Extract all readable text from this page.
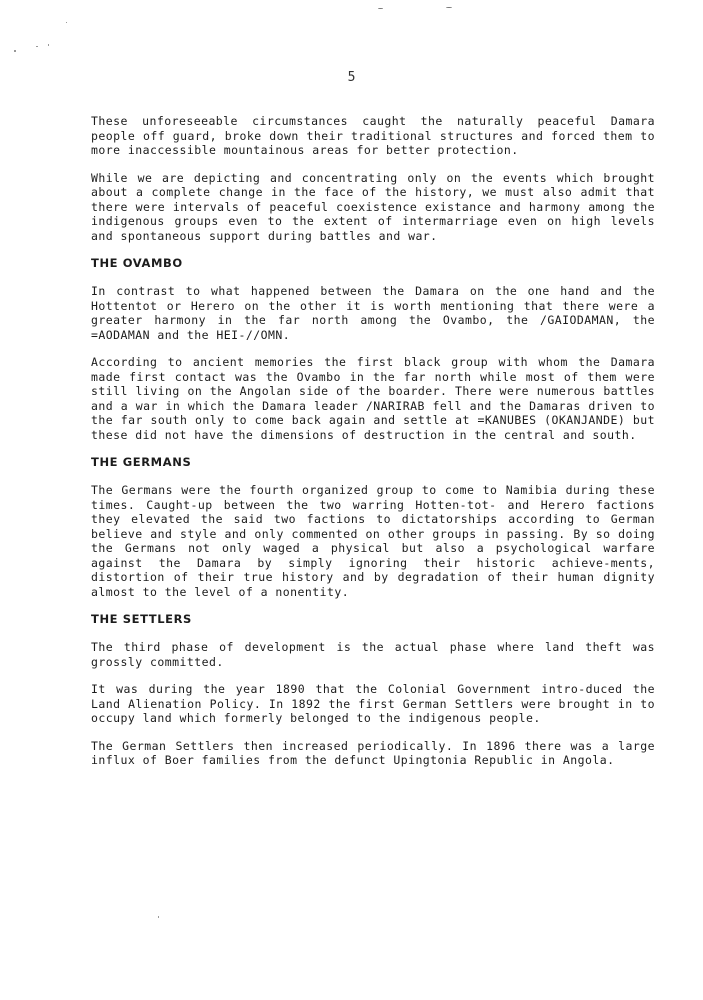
5

These unforeseeable circumstances caught the naturally peaceful Damara people off guard, broke down their traditional structures and forced them to more inaccessible mountainous areas for better protection.

While we are depicting and concentrating only on the events which brought about a complete change in the face of the history, we must also admit that there were intervals of peaceful coexistence existance and harmony among the indigenous groups even to the extent of intermarriage even on high levels and spontaneous support during battles and war.

THE OVAMBO

In contrast to what happened between the Damara on the one hand and the Hottentot or Herero on the other it is worth mentioning that there were a greater harmony in the far north among the Ovambo, the /GAIODAMAN, the =AODAMAN and the HEI-//OMN.

According to ancient memories the first black group with whom the Damara made first contact was the Ovambo in the far north while most of them were still living on the Angolan side of the boarder. There were numerous battles and a war in which the Damara leader /NARIRAB fell and the Damaras driven to the far south only to come back again and settle at =KANUBES (OKANJANDE) but these did not have the dimensions of destruction in the central and south.

THE GERMANS

The Germans were the fourth organized group to come to Namibia during these times. Caught-up between the two warring Hotten-tot- and Herero factions they elevated the said two factions to dictatorships according to German believe and style and only commented on other groups in passing. By so doing the Germans not only waged a physical but also a psychological warfare against the Damara by simply ignoring their historic achieve-ments, distortion of their true history and by degradation of their human dignity almost to the level of a nonentity.

THE SETTLERS

The third phase of development is the actual phase where land theft was grossly committed.

It was during the year 1890 that the Colonial Government intro-duced the Land Alienation Policy. In 1892 the first German Settlers were brought in to occupy land which formerly belonged to the indigenous people.

The German Settlers then increased periodically. In 1896 there was a large influx of Boer families from the defunct Upingtonia Republic in Angola.
